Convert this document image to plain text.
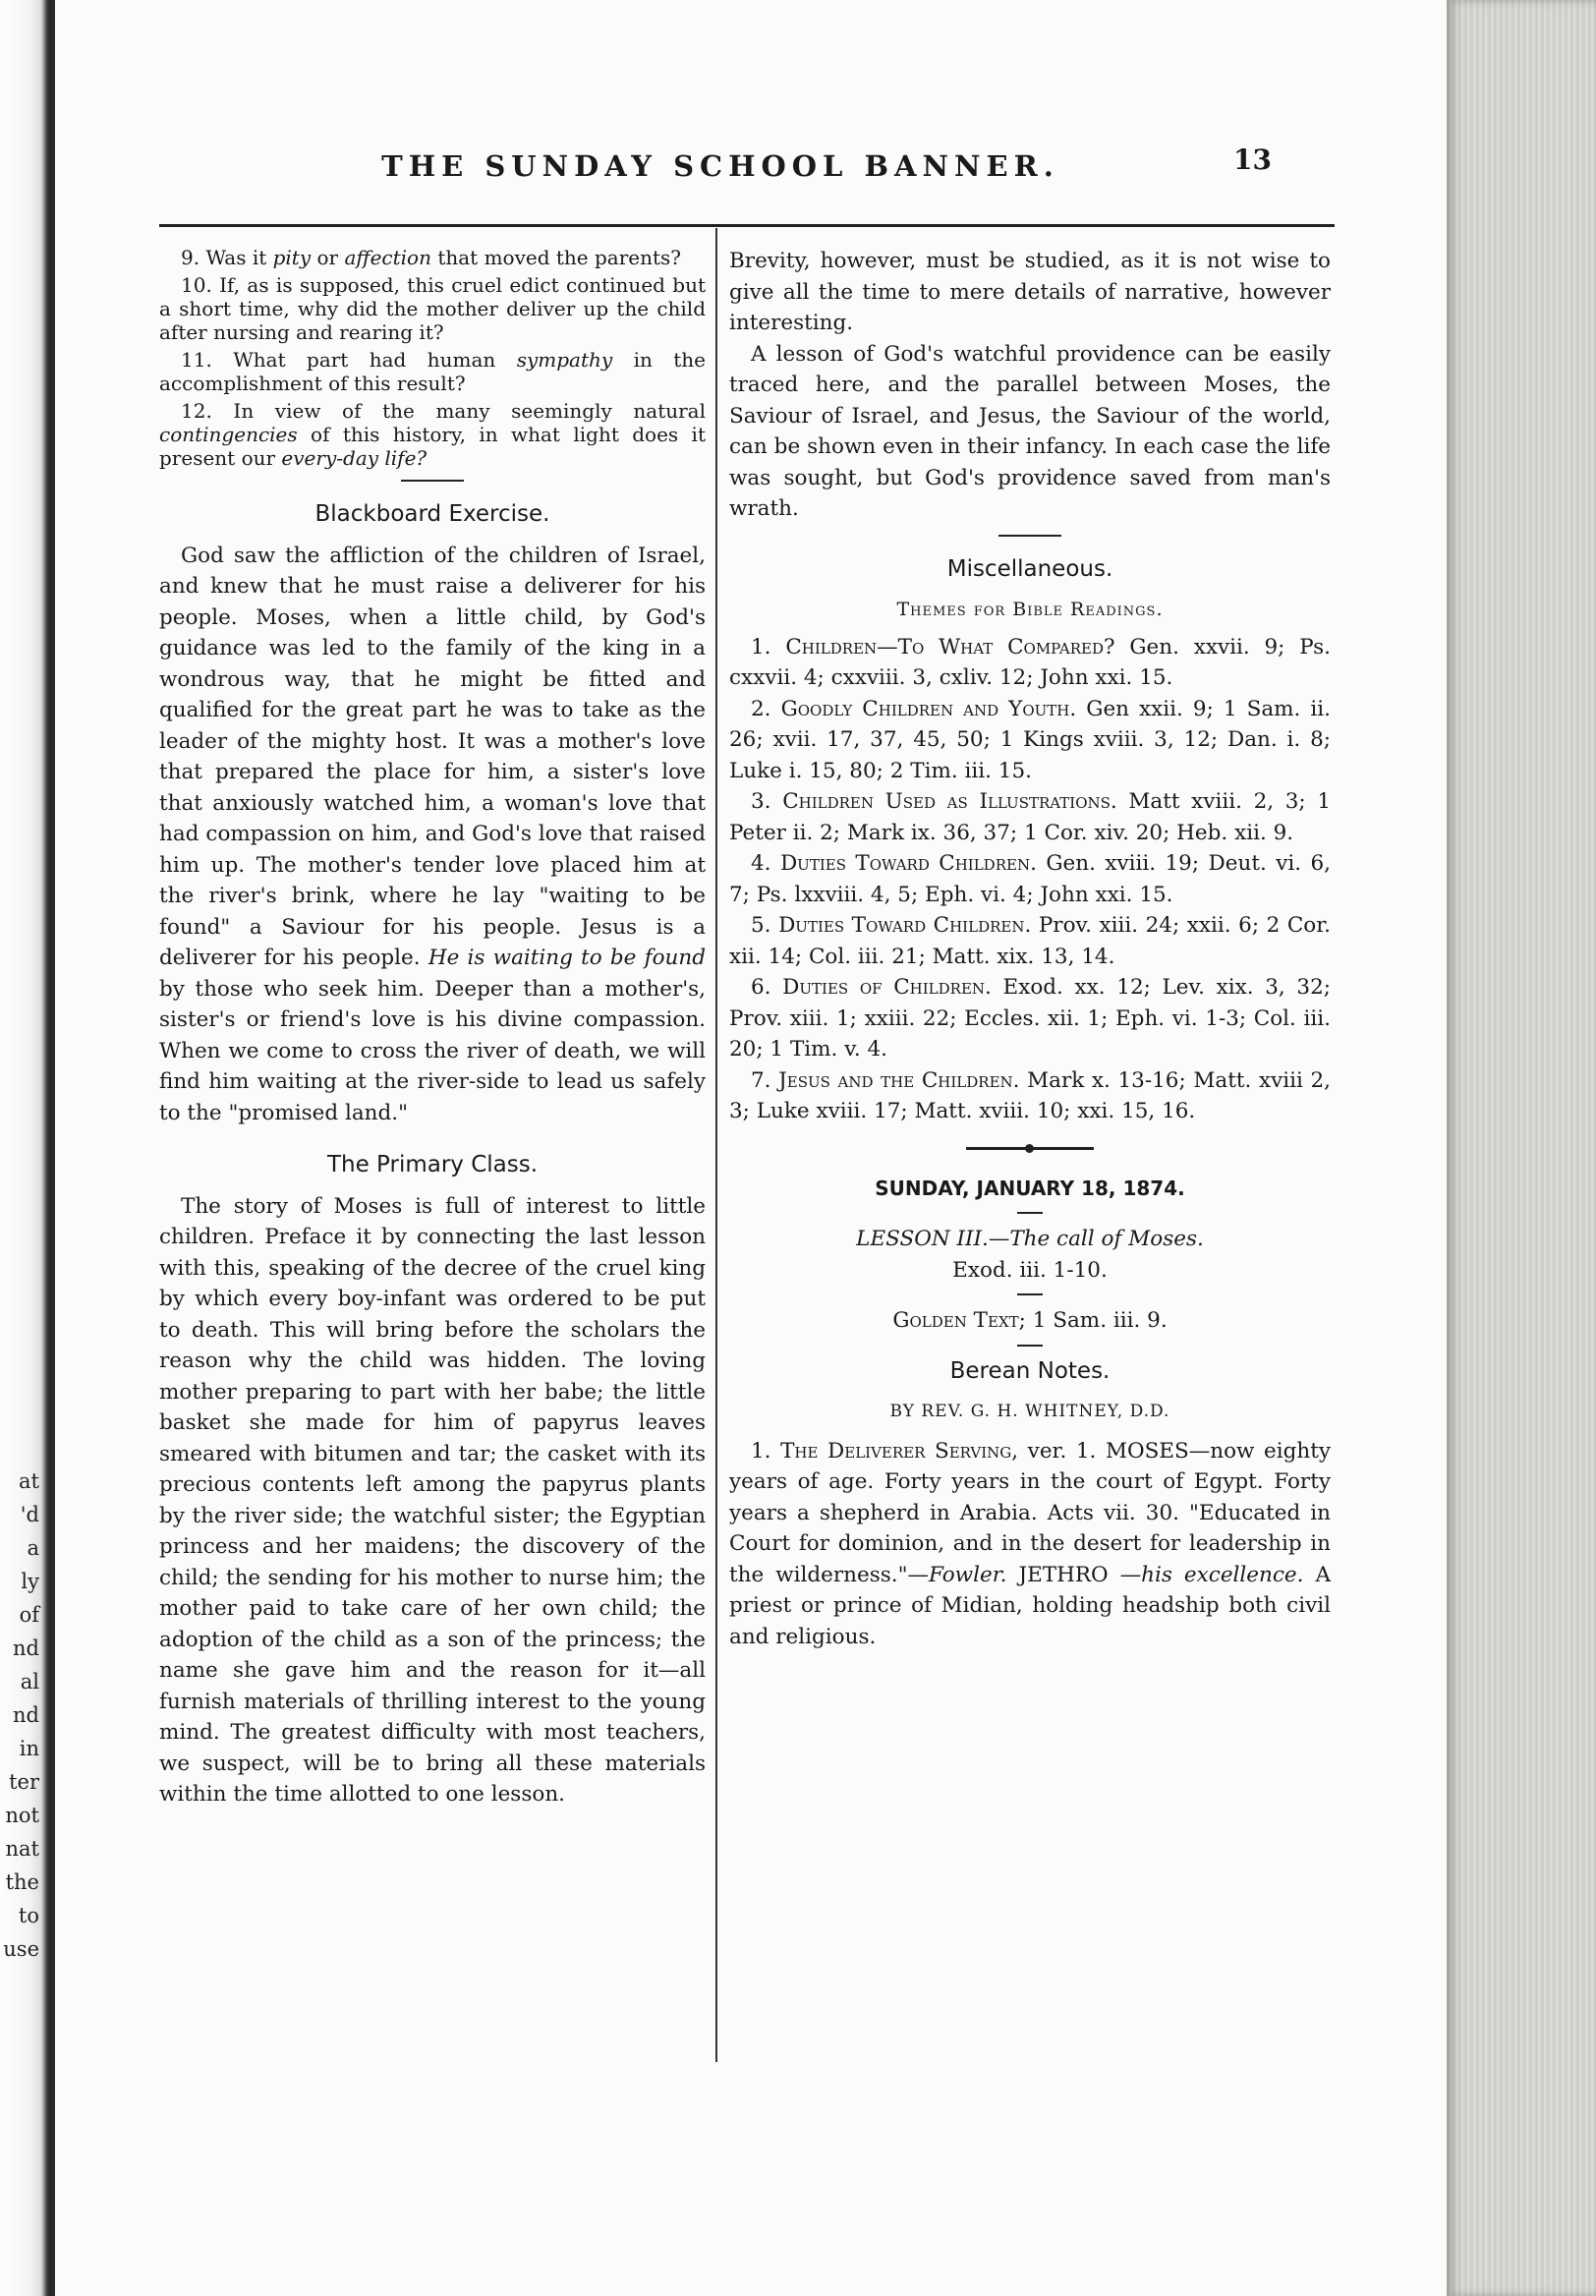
at
'd
a
ly
of
nd
al
nd
in
ter
not
nat
the
to
use
THE SUNDAY SCHOOL BANNER.	13
9. Was it pity or affection that moved the parents?
10. If, as is supposed, this cruel edict continued but a short time, why did the mother deliver up the child after nursing and rearing it?
11. What part had human sympathy in the accomplishment of this result?
12. In view of the many seemingly natural contingencies of this history, in what light does it present our every-day life?
Blackboard Exercise.

God saw the affliction of the children of Israel, and knew that he must raise a deliverer for his people. Moses, when a little child, by God's guidance was led to the family of the king in a wondrous way, that he might be fitted and qualified for the great part he was to take as the leader of the mighty host. It was a mother's love that prepared the place for him, a sister's love that anxiously watched him, a woman's love that had compassion on him, and God's love that raised him up. The mother's tender love placed him at the river's brink, where he lay "waiting to be found" a Saviour for his people. Jesus is a deliverer for his people. He is waiting to be found by those who seek him. Deeper than a mother's, sister's or friend's love is his divine compassion. When we come to cross the river of death, we will find him waiting at the river-side to lead us safely to the "promised land."

The Primary Class.

The story of Moses is full of interest to little children. Preface it by connecting the last lesson with this, speaking of the decree of the cruel king by which every boy-infant was ordered to be put to death. This will bring before the scholars the reason why the child was hidden. The loving mother preparing to part with her babe; the little basket she made for him of papyrus leaves smeared with bitumen and tar; the casket with its precious contents left among the papyrus plants by the river side; the watchful sister; the Egyptian princess and her maidens; the discovery of the child; the sending for his mother to nurse him; the mother paid to take care of her own child; the adoption of the child as a son of the princess; the name she gave him and the reason for it—all furnish materials of thrilling interest to the young mind. The greatest difficulty with most teachers, we suspect, will be to bring all these materials within the time allotted to one lesson.

Brevity, however, must be studied, as it is not wise to give all the time to mere details of narrative, however interesting.

A lesson of God's watchful providence can be easily traced here, and the parallel between Moses, the Saviour of Israel, and Jesus, the Saviour of the world, can be shown even in their infancy. In each case the life was sought, but God's providence saved from man's wrath.

Miscellaneous.
Themes for Bible Readings.

1. Children—To What Compared? Gen. xxvii. 9; Ps. cxxvii. 4; cxxviii. 3, cxliv. 12; John xxi. 15.

2. Goodly Children and Youth. Gen xxii. 9; 1 Sam. ii. 26; xvii. 17, 37, 45, 50; 1 Kings xviii. 3, 12; Dan. i. 8; Luke i. 15, 80; 2 Tim. iii. 15.

3. Children Used as Illustrations. Matt xviii. 2, 3; 1 Peter ii. 2; Mark ix. 36, 37; 1 Cor. xiv. 20; Heb. xii. 9.

4. Duties Toward Children. Gen. xviii. 19; Deut. vi. 6, 7; Ps. lxxviii. 4, 5; Eph. vi. 4; John xxi. 15.

5. Duties Toward Children. Prov. xiii. 24; xxii. 6; 2 Cor. xii. 14; Col. iii. 21; Matt. xix. 13, 14.

6. Duties of Children. Exod. xx. 12; Lev. xix. 3, 32; Prov. xiii. 1; xxiii. 22; Eccles. xii. 1; Eph. vi. 1-3; Col. iii. 20; 1 Tim. v. 4.

7. Jesus and the Children. Mark x. 13-16; Matt. xviii 2, 3; Luke xviii. 17; Matt. xviii. 10; xxi. 15, 16.

SUNDAY, JANUARY 18, 1874.
LESSON III.—The call of Moses.
Exod. iii. 1-10.
Golden Text; 1 Sam. iii. 9.
Berean Notes.
BY REV. G. H. WHITNEY, D.D.

1. The Deliverer Serving, ver. 1. MOSES—now eighty years of age. Forty years in the court of Egypt. Forty years a shepherd in Arabia. Acts vii. 30. "Educated in Court for dominion, and in the desert for leadership in the wilderness."—Fowler. JETHRO —his excellence. A priest or prince of Midian, holding headship both civil and religious.
